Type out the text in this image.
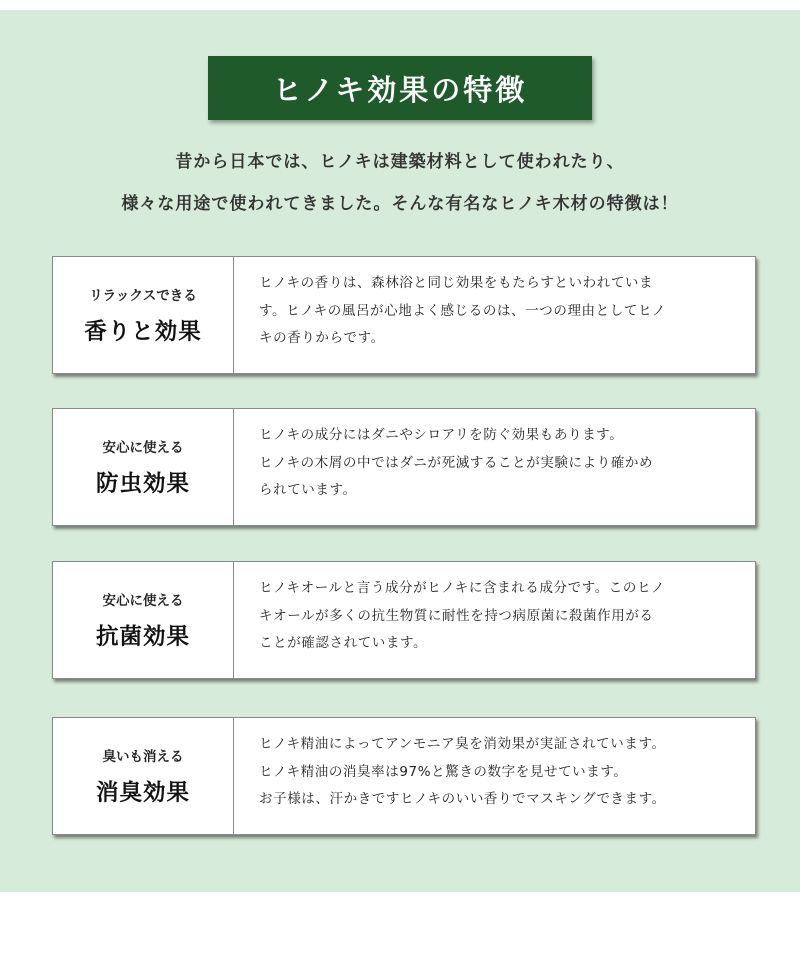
ヒノキ効果の特徴
昔から日本では、ヒノキは建築材料として使われたり、
様々な用途で使われてきました。そんな有名なヒノキ木材の特徴は！
リラックスできる
香りと効果
ヒノキの香りは、森林浴と同じ効果をもたらすといわれていま
す。ヒノキの風呂が心地よく感じるのは、一つの理由としてヒノ
キの香りからです。
安心に使える
防虫効果
ヒノキの成分にはダニやシロアリを防ぐ効果もあります。
ヒノキの木屑の中ではダニが死滅することが実験により確かめ
られています。
安心に使える
抗菌効果
ヒノキオールと言う成分がヒノキに含まれる成分です。このヒノ
キオールが多くの抗生物質に耐性を持つ病原菌に殺菌作用がる
ことが確認されています。
臭いも消える
消臭効果
ヒノキ精油によってアンモニア臭を消効果が実証されています。
ヒノキ精油の消臭率は97%と驚きの数字を見せています。
お子様は、汗かきですヒノキのいい香りでマスキングできます。
